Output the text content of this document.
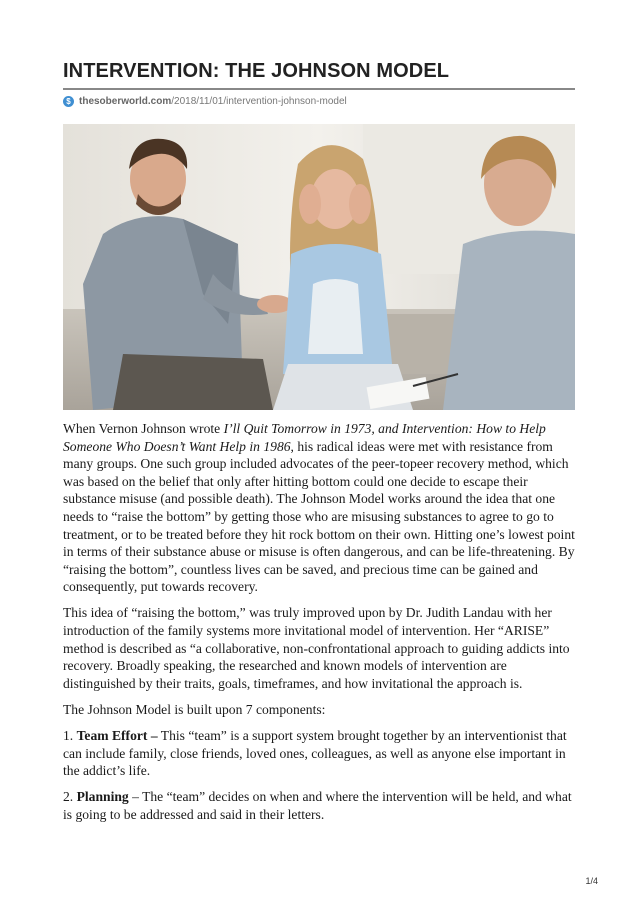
INTERVENTION: THE JOHNSON MODEL
$ thesoberworld.com /2018/11/01/intervention-johnson-model

When Vernon Johnson wrote I’ll Quit Tomorrow in 1973, and Intervention: How to Help Someone Who Doesn’t Want Help in 1986, his radical ideas were met with resistance from many groups. One such group included advocates of the peer-topeer recovery method, which was based on the belief that only after hitting bottom could one decide to escape their substance misuse (and possible death). The Johnson Model works around the idea that one needs to “raise the bottom” by getting those who are misusing substances to agree to go to treatment, or to be treated before they hit rock bottom on their own. Hitting one’s lowest point in terms of their substance abuse or misuse is often dangerous, and can be life-threatening. By “raising the bottom”, countless lives can be saved, and precious time can be gained and consequently, put towards recovery.

This idea of “raising the bottom,” was truly improved upon by Dr. Judith Landau with her introduction of the family systems more invitational model of intervention. Her “ARISE” method is described as “a collaborative, non-confrontational approach to guiding addicts into recovery. Broadly speaking, the researched and known models of intervention are distinguished by their traits, goals, timeframes, and how invitational the approach is.

The Johnson Model is built upon 7 components:

1. Team Effort – This “team” is a support system brought together by an interventionist that can include family, close friends, loved ones, colleagues, as well as anyone else important in the addict’s life.

2. Planning – The “team” decides on when and where the intervention will be held, and what is going to be addressed and said in their letters.

1/4
